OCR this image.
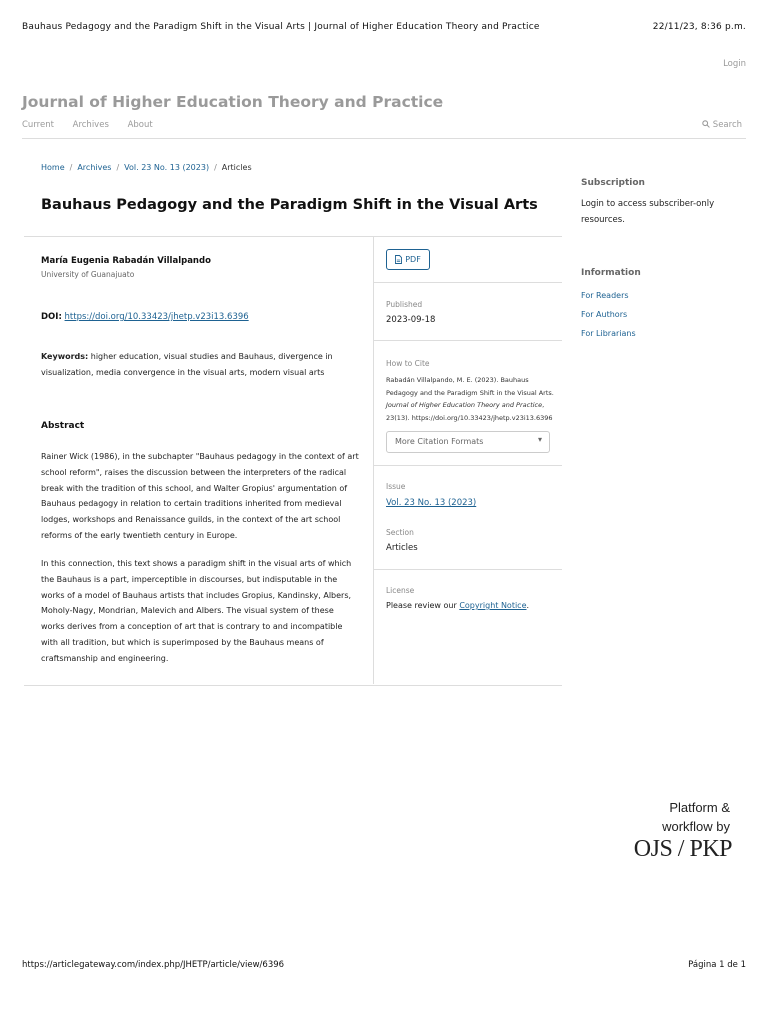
Bauhaus Pedagogy and the Paradigm Shift in the Visual Arts | Journal of Higher Education Theory and Practice	22/11/23, 8:36 p.m.
Login
Journal of Higher Education Theory and Practice
Current Archives About	Search
Home / Archives / Vol. 23 No. 13 (2023) / Articles
Bauhaus Pedagogy and the Paradigm Shift in the Visual Arts
María Eugenia Rabadán Villalpando
University of Guanajuato
DOI: https://doi.org/10.33423/jhetp.v23i13.6396
Keywords: higher education, visual studies and Bauhaus, divergence in visualization, media convergence in the visual arts, modern visual arts
Abstract
Rainer Wick (1986), in the subchapter "Bauhaus pedagogy in the context of art school reform", raises the discussion between the interpreters of the radical break with the tradition of this school, and Walter Gropius' argumentation of Bauhaus pedagogy in relation to certain traditions inherited from medieval lodges, workshops and Renaissance guilds, in the context of the art school reforms of the early twentieth century in Europe.
In this connection, this text shows a paradigm shift in the visual arts of which the Bauhaus is a part, imperceptible in discourses, but indisputable in the works of a model of Bauhaus artists that includes Gropius, Kandinsky, Albers, Moholy-Nagy, Mondrian, Malevich and Albers. The visual system of these works derives from a conception of art that is contrary to and incompatible with all tradition, but which is superimposed by the Bauhaus means of craftsmanship and engineering.
PDF
Published
2023-09-18
How to Cite
Rabadán Villalpando, M. E. (2023). Bauhaus Pedagogy and the Paradigm Shift in the Visual Arts. Journal of Higher Education Theory and Practice, 23(13). https://doi.org/10.33423/jhetp.v23i13.6396
More Citation Formats	▾
Issue
Vol. 23 No. 13 (2023)
Section
Articles
License
Please review our Copyright Notice.
Subscription
Login to access subscriber-only resources.
Information
For Readers
For Authors
For Librarians
Platform &
workflow by
OJS / PKP
https://articlegateway.com/index.php/JHETP/article/view/6396	Página 1 de 1
